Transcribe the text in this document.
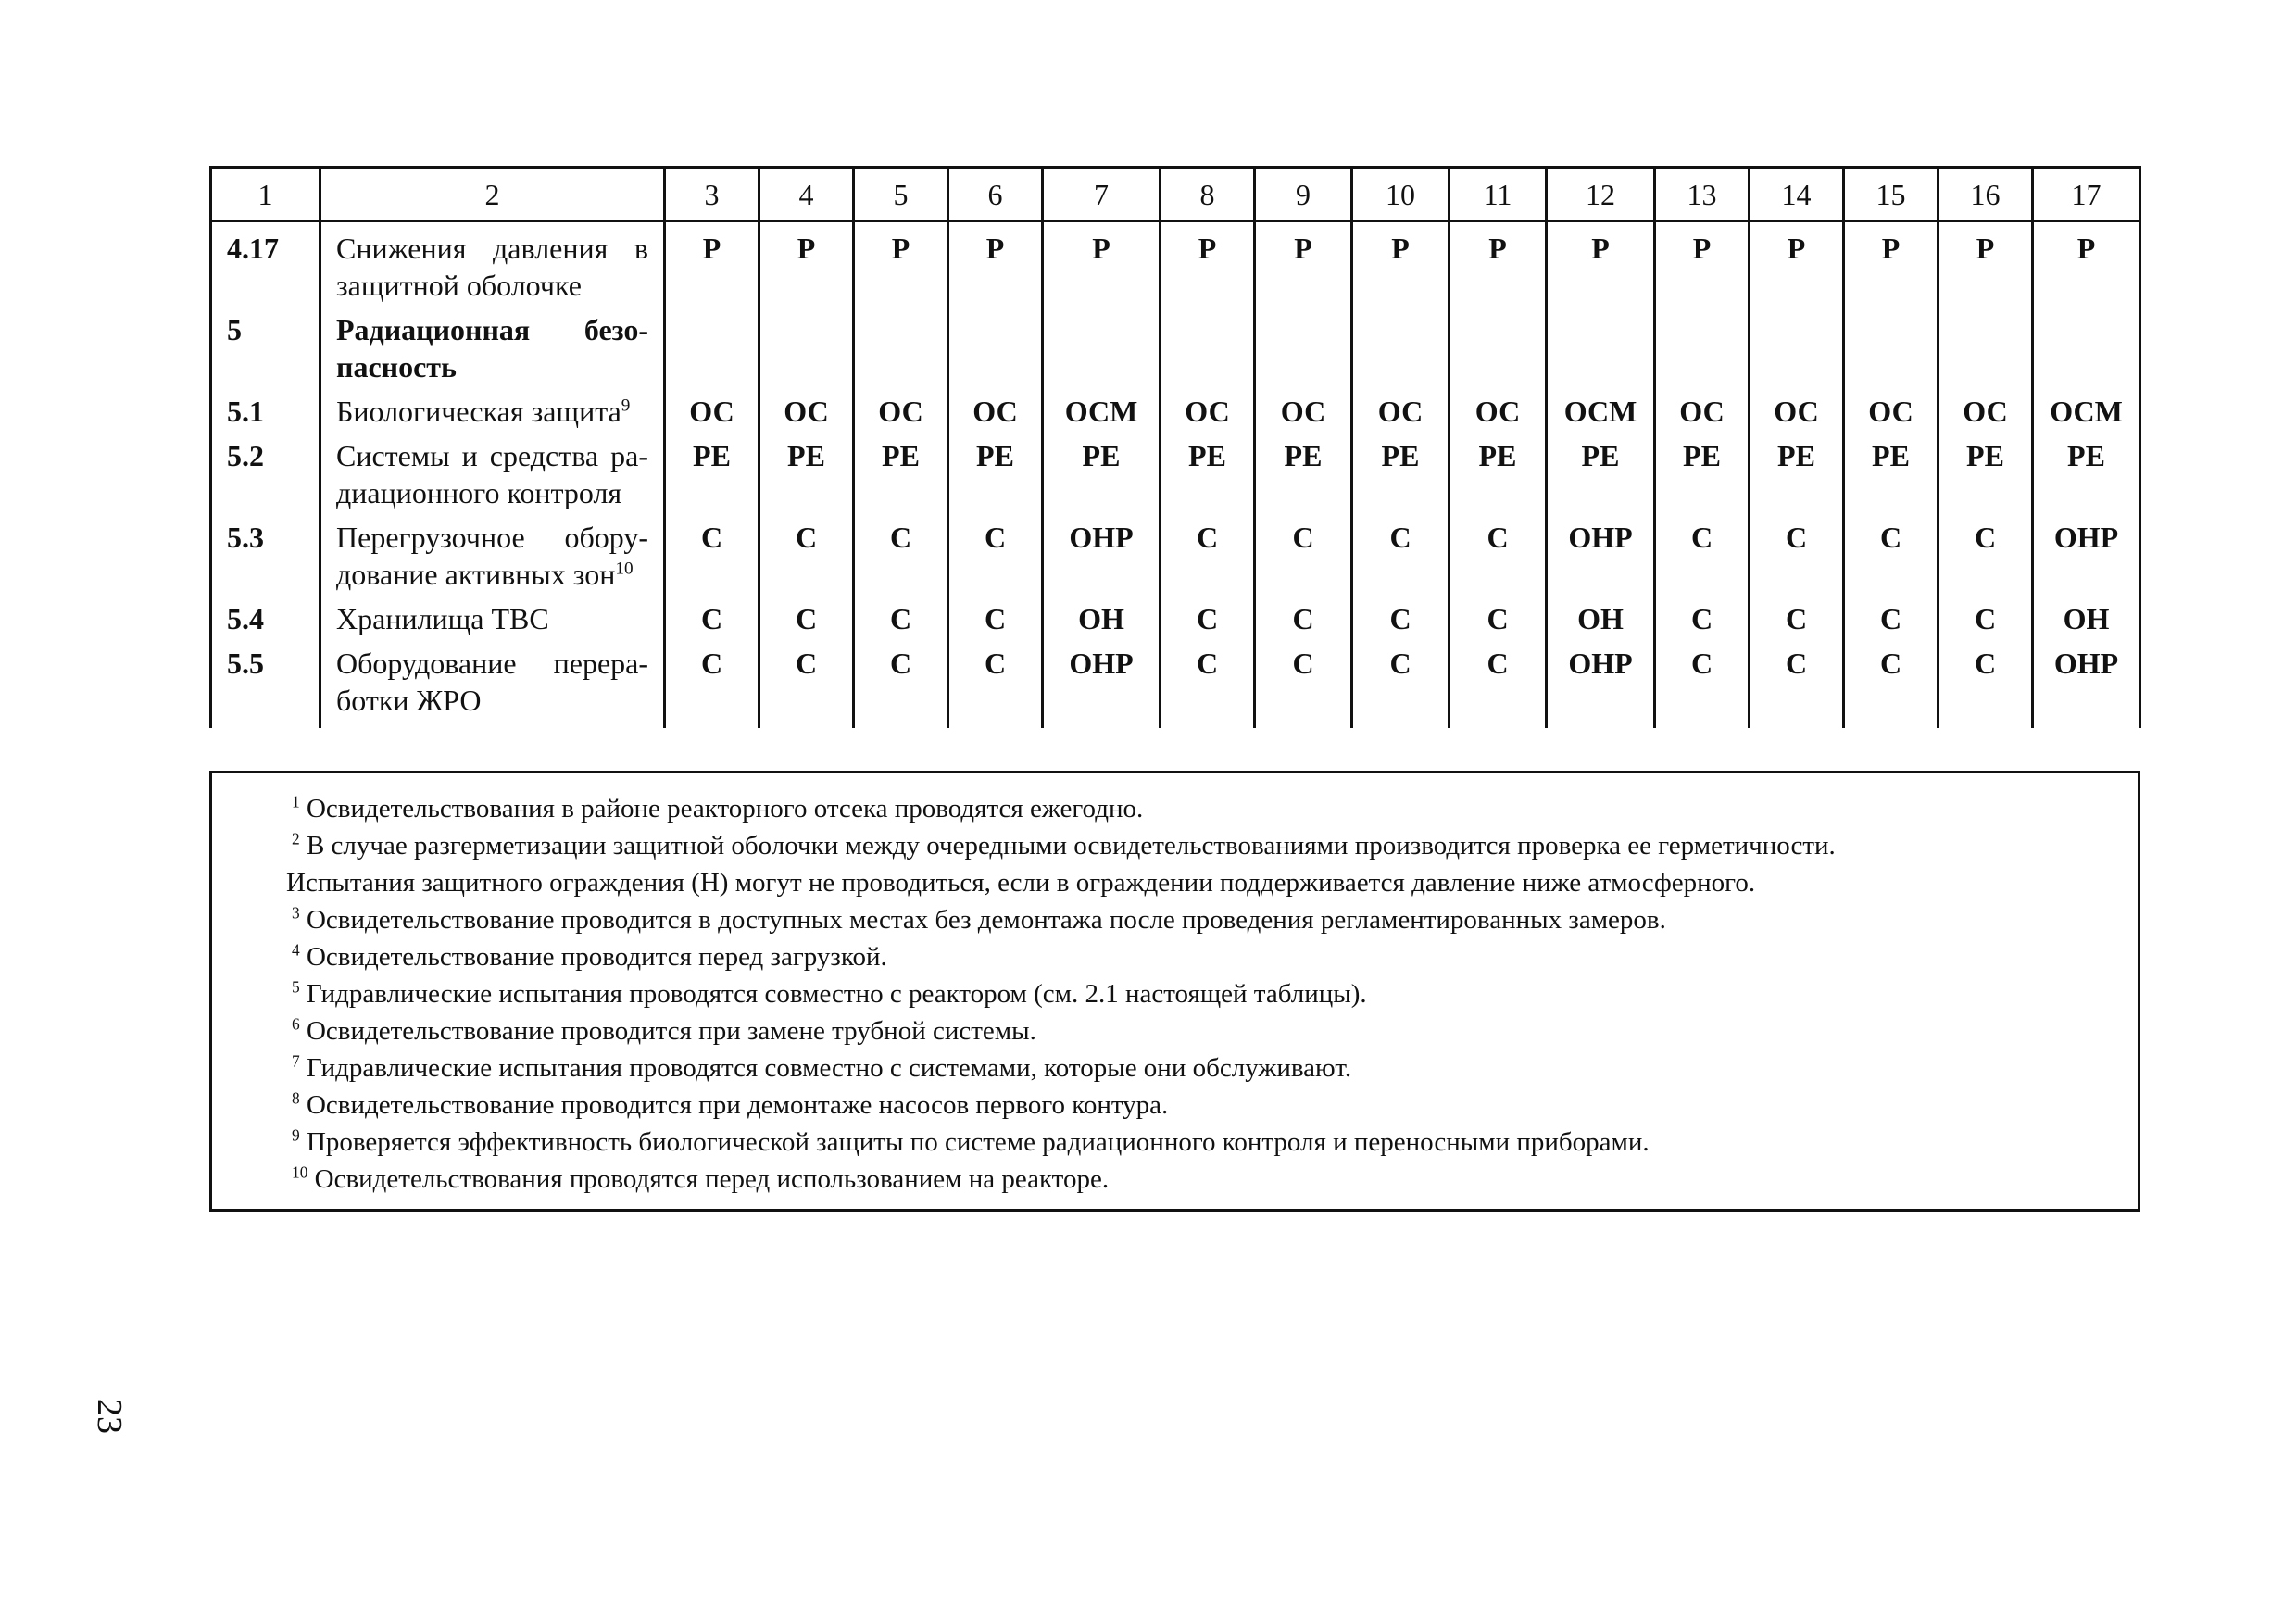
23
1	2	3	4	5	6	7	8	9	10	11	12	13	14	15	16	17
4.17	Снижения давления в защитной оболочке	Р	Р	Р	Р	Р	Р	Р	Р	Р	Р	Р	Р	Р	Р	Р
5	Радиационная безо-пасность															
5.1	Биологическая защита$^9$	ОС	ОС	ОС	ОС	ОСМ	ОС	ОС	ОС	ОС	ОСМ	ОС	ОС	ОС	ОС	ОСМ
5.2	Системы и средства ра-диационного контроля	РЕ	РЕ	РЕ	РЕ	РЕ	РЕ	РЕ	РЕ	РЕ	РЕ	РЕ	РЕ	РЕ	РЕ	РЕ
5.3	Перегрузочное обору-дование активных зон$^{10}$	С	С	С	С	ОНР	С	С	С	С	ОНР	С	С	С	С	ОНР
5.4	Хранилища ТВС	С	С	С	С	ОН	С	С	С	С	ОН	С	С	С	С	ОН
5.5	Оборудование перера-ботки ЖРО	С	С	С	С	ОНР	С	С	С	С	ОНР	С	С	С	С	ОНР
$^1$ Освидетельствования в районе реакторного отсека проводятся ежегодно.
$^2$ В случае разгерметизации защитной оболочки между очередными освидетельствованиями производится проверка ее герметичности.
Испытания защитного ограждения (Н) могут не проводиться, если в ограждении поддерживается давление ниже атмосферного.
$^3$ Освидетельствование проводится в доступных местах без демонтажа после проведения регламентированных замеров.
$^4$ Освидетельствование проводится перед загрузкой.
$^5$ Гидравлические испытания проводятся совместно с реактором (см. 2.1 настоящей таблицы).
$^6$ Освидетельствование проводится при замене трубной системы.
$^7$ Гидравлические испытания проводятся совместно с системами, которые они обслуживают.
$^8$ Освидетельствование проводится при демонтаже насосов первого контура.
$^9$ Проверяется эффективность биологической защиты по системе радиационного контроля и переносными приборами.
$^{10}$ Освидетельствования проводятся перед использованием на реакторе.
